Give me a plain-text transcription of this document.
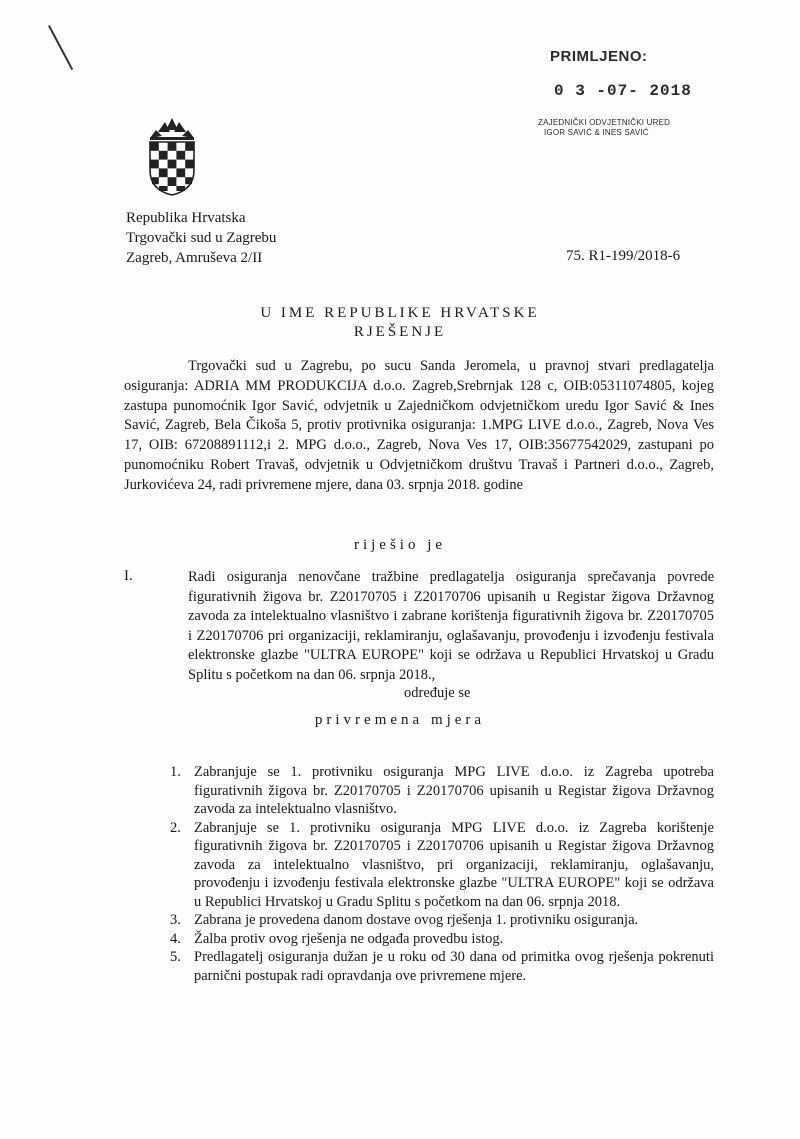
PRIMLJENO:
0 3 -07- 2018
ZAJEDNIČKI ODVJETNIČKI URED
IGOR SAVIĆ & INES SAVIĆ
Republika Hrvatska
Trgovački sud u Zagrebu
Zagreb, Amruševa 2/II	75. R1-199/2018-6
U IME REPUBLIKE HRVATSKE
RJEŠENJE

Trgovački sud u Zagrebu, po sucu Sanda Jeromela, u pravnoj stvari predlagatelja osiguranja: ADRIA MM PRODUKCIJA d.o.o. Zagreb,Srebrnjak 128 c, OIB:05311074805, kojeg zastupa punomoćnik Igor Savić, odvjetnik u Zajedničkom odvjetničkom uredu Igor Savić & Ines Savić, Zagreb, Bela Čikoša 5, protiv protivnika osiguranja: 1.MPG LIVE d.o.o., Zagreb, Nova Ves 17, OIB: 67208891112,i 2. MPG d.o.o., Zagreb, Nova Ves 17, OIB:35677542029, zastupani po punomoćniku Robert Travaš, odvjetnik u Odvjetničkom društvu Travaš i Partneri d.o.o., Zagreb, Jurkovićeva 24, radi privremene mjere, dana 03. srpnja 2018. godine

riješio je
I.	Radi osiguranja nenovčane tražbine predlagatelja osiguranja sprečavanja povrede figurativnih žigova br. Z20170705 i Z20170706 upisanih u Registar žigova Državnog zavoda za intelektualno vlasništvo i zabrane korištenja figurativnih žigova br. Z20170705 i Z20170706 pri organizaciji, reklamiranju, oglašavanju, provođenju i izvođenju festivala elektronske glazbe "ULTRA EUROPE" koji se održava u Republici Hrvatskoj u Gradu Splitu s početkom na dan 06. srpnja 2018.,

određuje se
privremena mjera
1. Zabranjuje se 1. protivniku osiguranja MPG LIVE d.o.o. iz Zagreba upotreba figurativnih žigova br. Z20170705 i Z20170706 upisanih u Registar žigova Državnog zavoda za intelektualno vlasništvo.
2. Zabranjuje se 1. protivniku osiguranja MPG LIVE d.o.o. iz Zagreba korištenje figurativnih žigova br. Z20170705 i Z20170706 upisanih u Registar žigova Državnog zavoda za intelektualno vlasništvo, pri organizaciji, reklamiranju, oglašavanju, provođenju i izvođenju festivala elektronske glazbe "ULTRA EUROPE" koji se održava u Republici Hrvatskoj u Gradu Splitu s početkom na dan 06. srpnja 2018.
3. Zabrana je provedena danom dostave ovog rješenja 1. protivniku osiguranja.
4. Žalba protiv ovog rješenja ne odgađa provedbu istog.
5. Predlagatelj osiguranja dužan je u roku od 30 dana od primitka ovog rješenja pokrenuti parnični postupak radi opravdanja ove privremene mjere.
